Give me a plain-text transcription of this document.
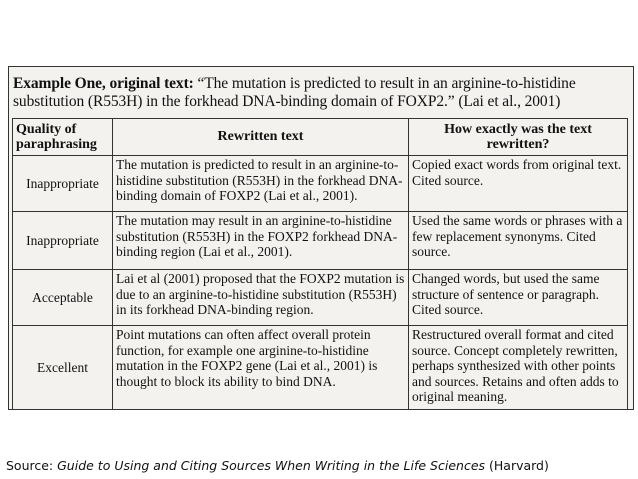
Example One, original text: “The mutation is predicted to result in an arginine-to-histidine substitution (R553H) in the forkhead DNA-binding domain of FOXP2.” (Lai et al., 2001)
Quality of paraphrasing	Rewritten text	How exactly was the text rewritten?
Inappropriate	The mutation is predicted to result in an arginine-to-histidine substitution (R553H) in the forkhead DNA-binding domain of FOXP2 (Lai et al., 2001).	Copied exact words from original text. Cited source.
Inappropriate	The mutation may result in an arginine-to-histidine substitution (R553H) in the FOXP2 forkhead DNA-binding region (Lai et al., 2001).	Used the same words or phrases with a few replacement synonyms. Cited source.
Acceptable	Lai et al (2001) proposed that the FOXP2 mutation is due to an arginine-to-histidine substitution (R553H) in its forkhead DNA-binding region.	Changed words, but used the same structure of sentence or paragraph. Cited source.
Excellent	Point mutations can often affect overall protein function, for example one arginine-to-histidine mutation in the FOXP2 gene (Lai et al., 2001) is thought to block its ability to bind DNA.	Restructured overall format and cited source. Concept completely rewritten, perhaps synthesized with other points and sources. Retains and often adds to original meaning.
Source: Guide to Using and Citing Sources When Writing in the Life Sciences (Harvard)
